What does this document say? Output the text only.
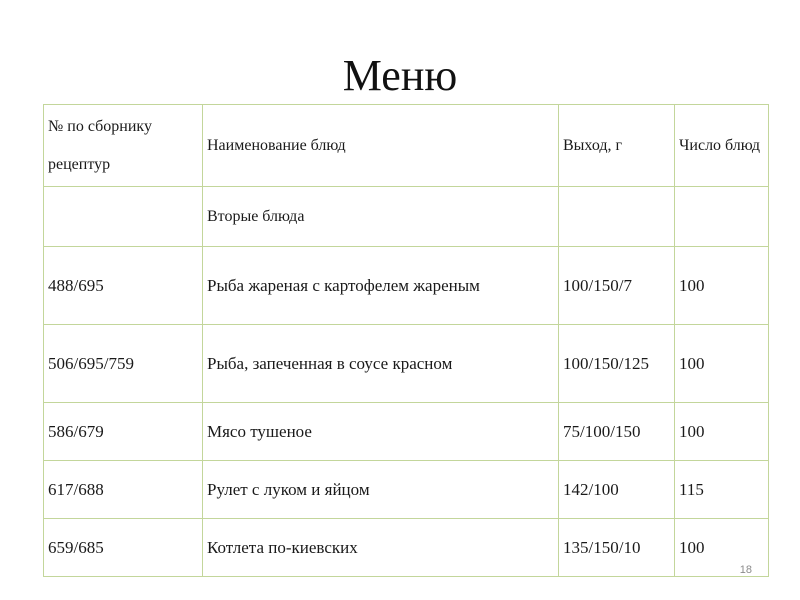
Меню
№ по сборнику рецептур	Наименование блюд	Выход, г	Число блюд
	Вторые блюда		
488/695	Рыба жареная с картофелем жареным	100/150/7	100
506/695/759	Рыба, запеченная в соусе красном	100/150/125	100
586/679	Мясо тушеное	75/100/150	100
617/688	Рулет с луком и яйцом	142/100	115
659/685	Котлета по-киевских	135/150/10	100
18
